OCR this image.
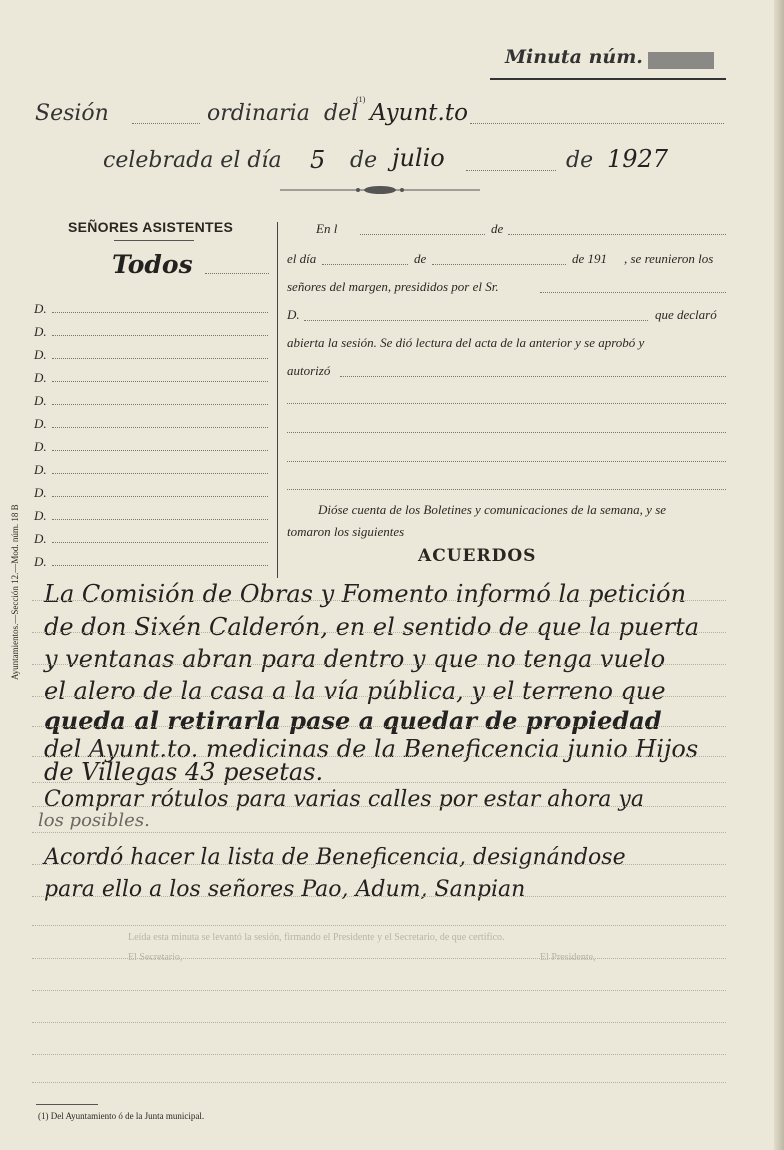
Minuta núm.
Sesión	ordinaria del
(1)
Ayunt.to
celebrada el día 5 de julio	de 1927
SEÑORES ASISTENTES
Todos
D.
D.
D.
D.
D.
D.
D.
D.
D.
D.
D.
D.
En l	de
el día	de	de 191 , se reunieron los
señores del margen, presididos por el Sr.
D.	que declaró
abierta la sesión. Se dió lectura del acta de la anterior y se aprobó y
autorizó
Dióse cuenta de los Boletines y comunicaciones de la semana, y se
tomaron los siguientes
ACUERDOS
La Comisión de Obras y Fomento informó la petición
de don Sixén Calderón, en el sentido de que la puerta
y ventanas abran para dentro y que no tenga vuelo
el alero de la casa a la vía pública, y el terreno que
queda al retirarla pase a quedar de propiedad
del Ayunt.to. medicinas de la Beneficencia junio Hijos
de Villegas 43 pesetas.
Comprar rótulos para varias calles por estar ahora ya
los posibles.
Acordó hacer la lista de Beneficencia, designándose
para ello a los señores Pao, Adum, Sanpian
Leída esta minuta se levantó la sesión, firmando el Presidente y el Secretario, de que certifico.
El Secretario,	El Presidente,
Ayuntamientos.—Sección 12.—Mod. núm. 18 B
(1) Del Ayuntamiento ó de la Junta municipal.
